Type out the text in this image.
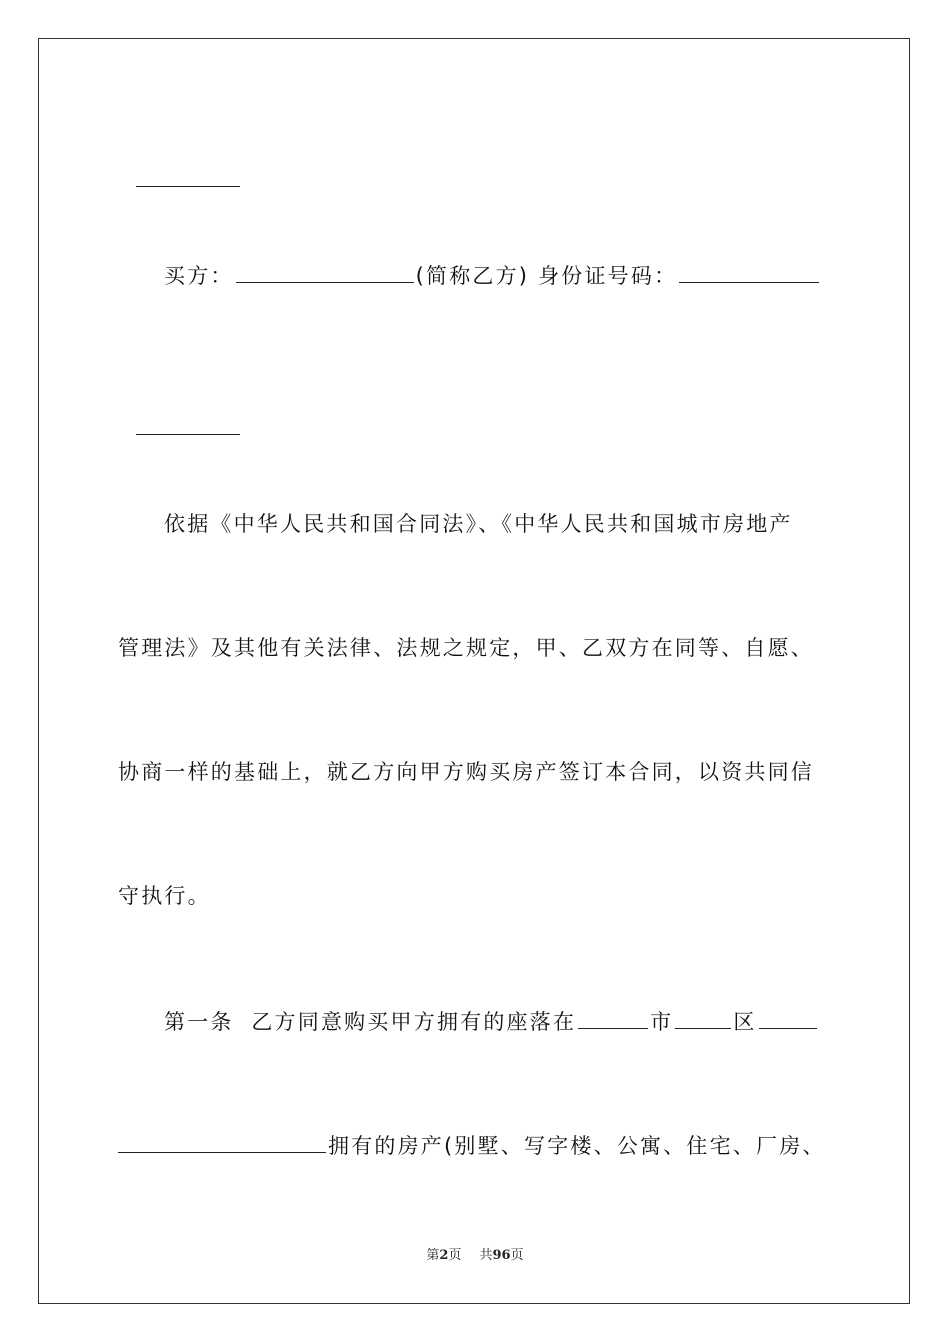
买方：	(简称乙方) 身份证号码：

依据《中华人民共和国合同法》、《中华人民共和国城市房地产
管理法》及其他有关法律、法规之规定，甲、乙双方在同等、自愿、
协商一样的基础上，就乙方向甲方购买房产签订本合同，以资共同信
守执行。
第一条  乙方同意购买甲方拥有的座落在	市	区
拥有的房产(别墅、写字楼、公寓、住宅、厂房、
第2页 共96页
